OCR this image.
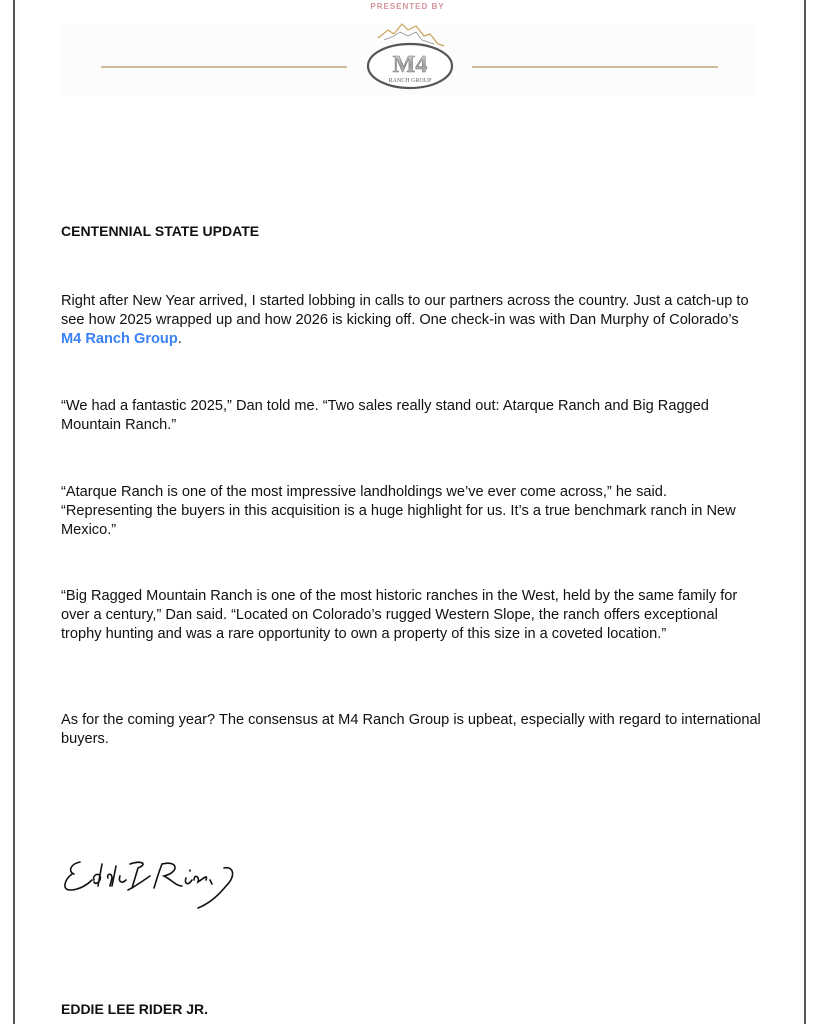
PRESENTED BY
M4
RANCH GROUP
CENTENNIAL STATE UPDATE

Right after New Year arrived, I started lobbing in calls to our partners across the country. Just a catch-up to see how 2025 wrapped up and how 2026 is kicking off. One check-in was with Dan Murphy of Colorado’s M4 Ranch Group.

“We had a fantastic 2025,” Dan told me. “Two sales really stand out: Atarque Ranch and Big Ragged Mountain Ranch.”

“Atarque Ranch is one of the most impressive landholdings we’ve ever come across,” he said. “Representing the buyers in this acquisition is a huge highlight for us. It’s a true benchmark ranch in New Mexico.”

“Big Ragged Mountain Ranch is one of the most historic ranches in the West, held by the same family for over a century,” Dan said. “Located on Colorado’s rugged Western Slope, the ranch offers exceptional trophy hunting and was a rare opportunity to own a property of this size in a coveted location.”

As for the coming year? The consensus at M4 Ranch Group is upbeat, especially with regard to international buyers.

EDDIE LEE RIDER JR.
